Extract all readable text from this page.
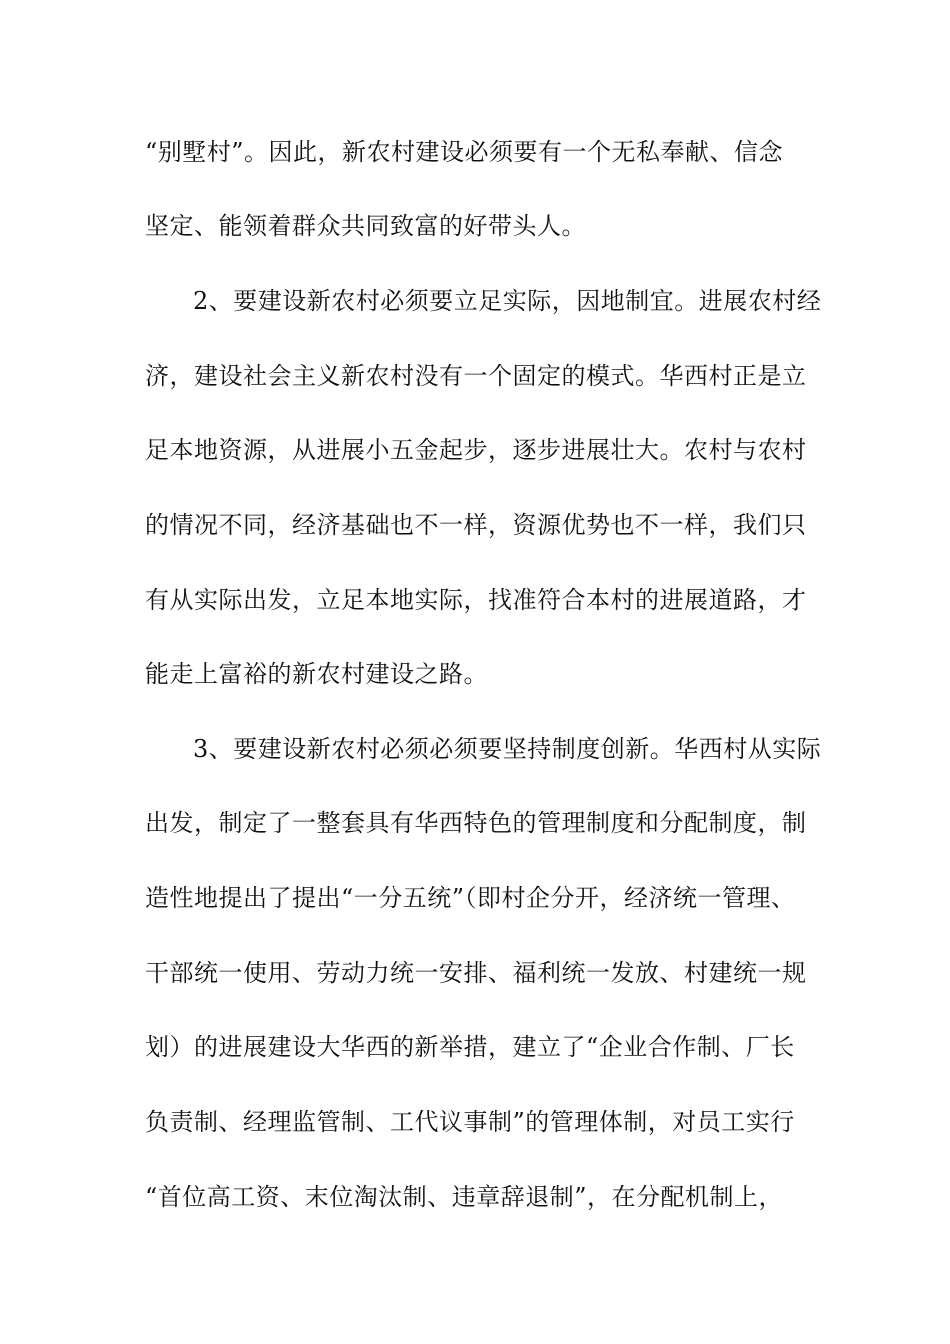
“别墅村”。因此，新农村建设必须要有一个无私奉献、信念
坚定、能领着群众共同致富的好带头人。
2、要建设新农村必须要立足实际，因地制宜。进展农村经
济，建设社会主义新农村没有一个固定的模式。华西村正是立
足本地资源，从进展小五金起步，逐步进展壮大。农村与农村
的情况不同，经济基础也不一样，资源优势也不一样，我们只
有从实际出发，立足本地实际，找准符合本村的进展道路，才
能走上富裕的新农村建设之路。
3、要建设新农村必须必须要坚持制度创新。华西村从实际
出发，制定了一整套具有华西特色的管理制度和分配制度，制
造性地提出了提出“一分五统”（即村企分开，经济统一管理、
干部统一使用、劳动力统一安排、福利统一发放、村建统一规
划）的进展建设大华西的新举措，建立了“企业合作制、厂长
负责制、经理监管制、工代议事制”的管理体制，对员工实行
“首位高工资、末位淘汰制、违章辞退制”，在分配机制上，
